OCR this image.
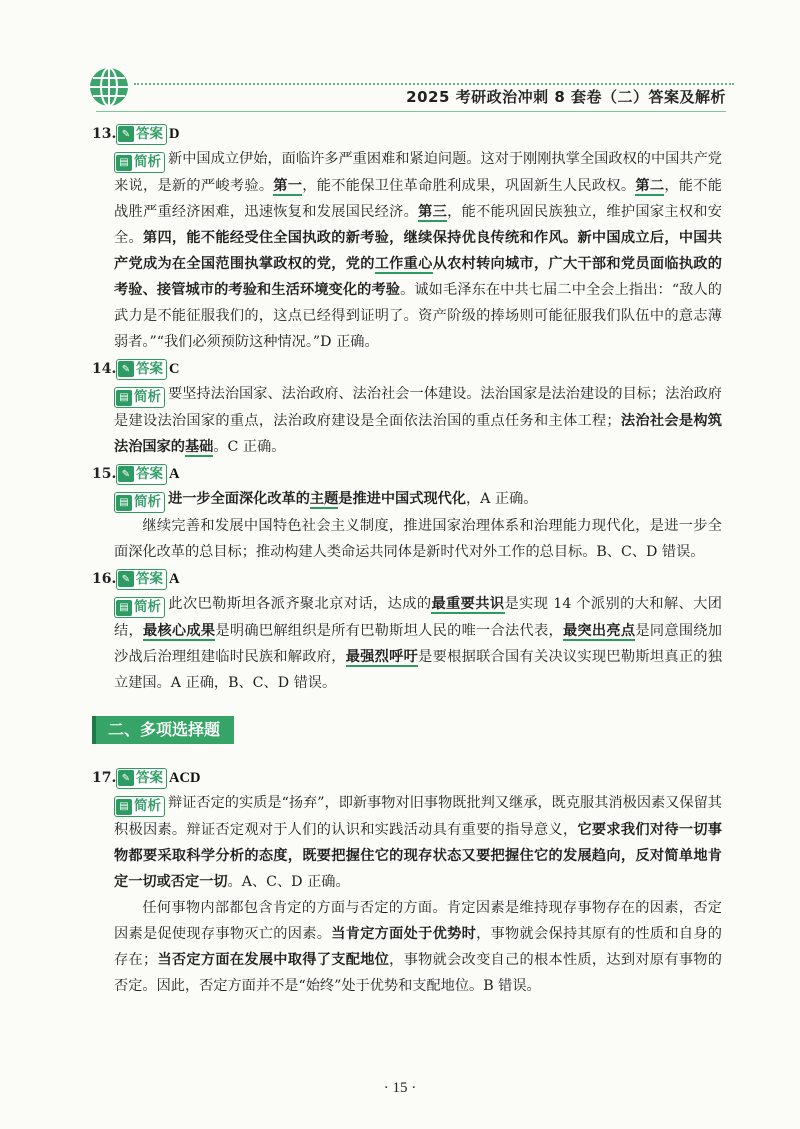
2025 考研政治冲刺 8 套卷（二）答案及解析
13. ✎ 答案 D

▤ 简析 新中国成立伊始，面临许多严重困难和紧迫问题。这对于刚刚执掌全国政权的中国共产党来说，是新的严峻考验。第一，能不能保卫住革命胜利成果，巩固新生人民政权。第二，能不能战胜严重经济困难，迅速恢复和发展国民经济。第三，能不能巩固民族独立，维护国家主权和安全。第四，能不能经受住全国执政的新考验，继续保持优良传统和作风。新中国成立后，中国共产党成为在全国范围执掌政权的党，党的工作重心从农村转向城市，广大干部和党员面临执政的考验、接管城市的考验和生活环境变化的考验。诚如毛泽东在中共七届二中全会上指出：“敌人的武力是不能征服我们的，这点已经得到证明了。资产阶级的捧场则可能征服我们队伍中的意志薄弱者。”“我们必须预防这种情况。”D 正确。

14. ✎ 答案 C

▤ 简析 要坚持法治国家、法治政府、法治社会一体建设。法治国家是法治建设的目标；法治政府是建设法治国家的重点，法治政府建设是全面依法治国的重点任务和主体工程；法治社会是构筑法治国家的基础。C 正确。

15. ✎ 答案 A

▤ 简析 进一步全面深化改革的主题是推进中国式现代化，A 正确。

继续完善和发展中国特色社会主义制度，推进国家治理体系和治理能力现代化，是进一步全面深化改革的总目标；推动构建人类命运共同体是新时代对外工作的总目标。B、C、D 错误。

16. ✎ 答案 A

▤ 简析 此次巴勒斯坦各派齐聚北京对话，达成的最重要共识是实现 14 个派别的大和解、大团结，最核心成果是明确巴解组织是所有巴勒斯坦人民的唯一合法代表，最突出亮点是同意围绕加沙战后治理组建临时民族和解政府，最强烈呼吁是要根据联合国有关决议实现巴勒斯坦真正的独立建国。A 正确，B、C、D 错误。

二、多项选择题
17. ✎ 答案 ACD

▤ 简析 辩证否定的实质是“扬弃”，即新事物对旧事物既批判又继承，既克服其消极因素又保留其积极因素。辩证否定观对于人们的认识和实践活动具有重要的指导意义，它要求我们对待一切事物都要采取科学分析的态度，既要把握住它的现存状态又要把握住它的发展趋向，反对简单地肯定一切或否定一切。A、C、D 正确。

任何事物内部都包含肯定的方面与否定的方面。肯定因素是维持现存事物存在的因素，否定因素是促使现存事物灭亡的因素。当肯定方面处于优势时，事物就会保持其原有的性质和自身的存在；当否定方面在发展中取得了支配地位，事物就会改变自己的根本性质，达到对原有事物的否定。因此，否定方面并不是“始终”处于优势和支配地位。B 错误。

· 15 ·
